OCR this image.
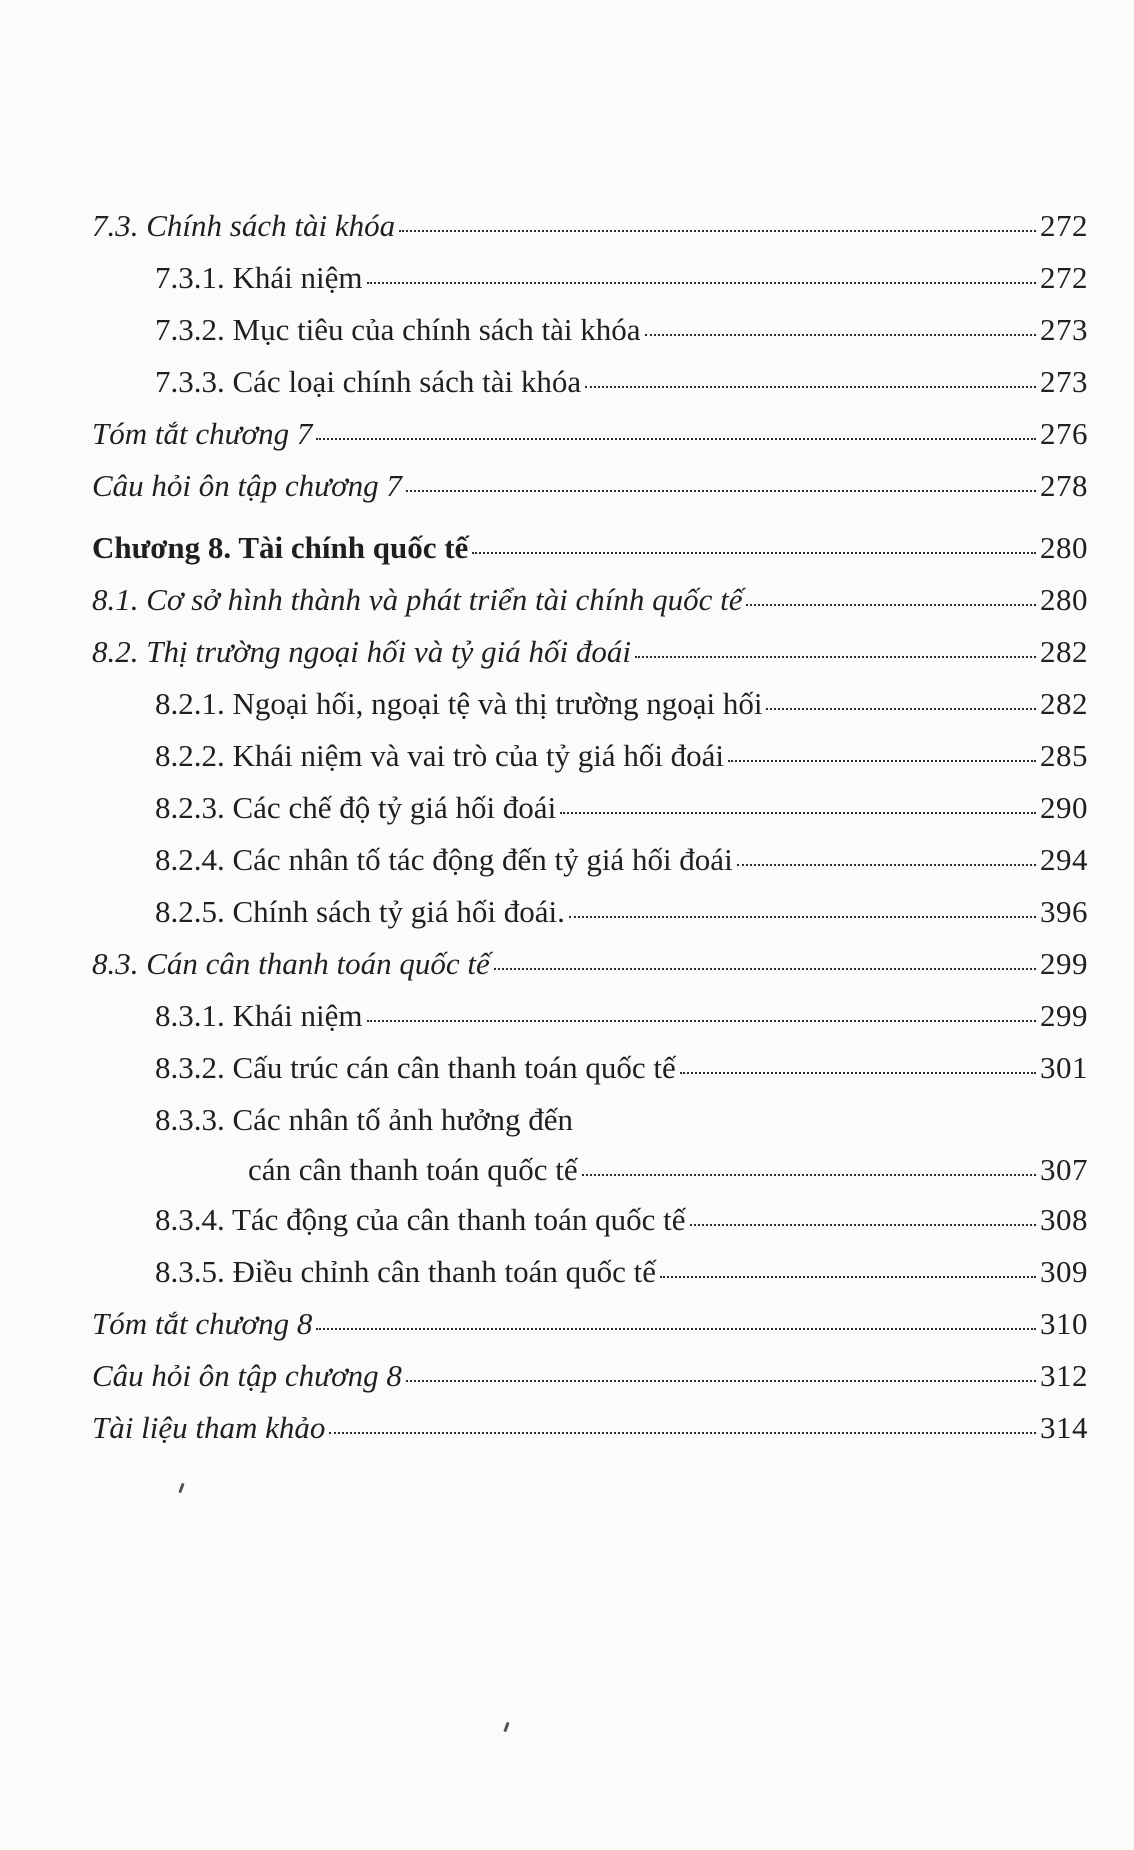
7.3. Chính sách tài khóa	272
7.3.1. Khái niệm	272
7.3.2. Mục tiêu của chính sách tài khóa	273
7.3.3. Các loại chính sách tài khóa	273
Tóm tắt chương 7	276
Câu hỏi ôn tập chương 7	278
Chương 8. Tài chính quốc tế	280
8.1. Cơ sở hình thành và phát triển tài chính quốc tế	280
8.2. Thị trường ngoại hối và tỷ giá hối đoái	282
8.2.1. Ngoại hối, ngoại tệ và thị trường ngoại hối	282
8.2.2. Khái niệm và vai trò của tỷ giá hối đoái	285
8.2.3. Các chế độ tỷ giá hối đoái	290
8.2.4. Các nhân tố tác động đến tỷ giá hối đoái	294
8.2.5. Chính sách tỷ giá hối đoái.	396
8.3. Cán cân thanh toán quốc tế	299
8.3.1. Khái niệm	299
8.3.2. Cấu trúc cán cân thanh toán quốc tế	301
8.3.3. Các nhân tố ảnh hưởng đến
cán cân thanh toán quốc tế	307
8.3.4. Tác động của cân thanh toán quốc tế	308
8.3.5. Điều chỉnh cân thanh toán quốc tế	309
Tóm tắt chương 8	310
Câu hỏi ôn tập chương 8	312
Tài liệu tham khảo	314
